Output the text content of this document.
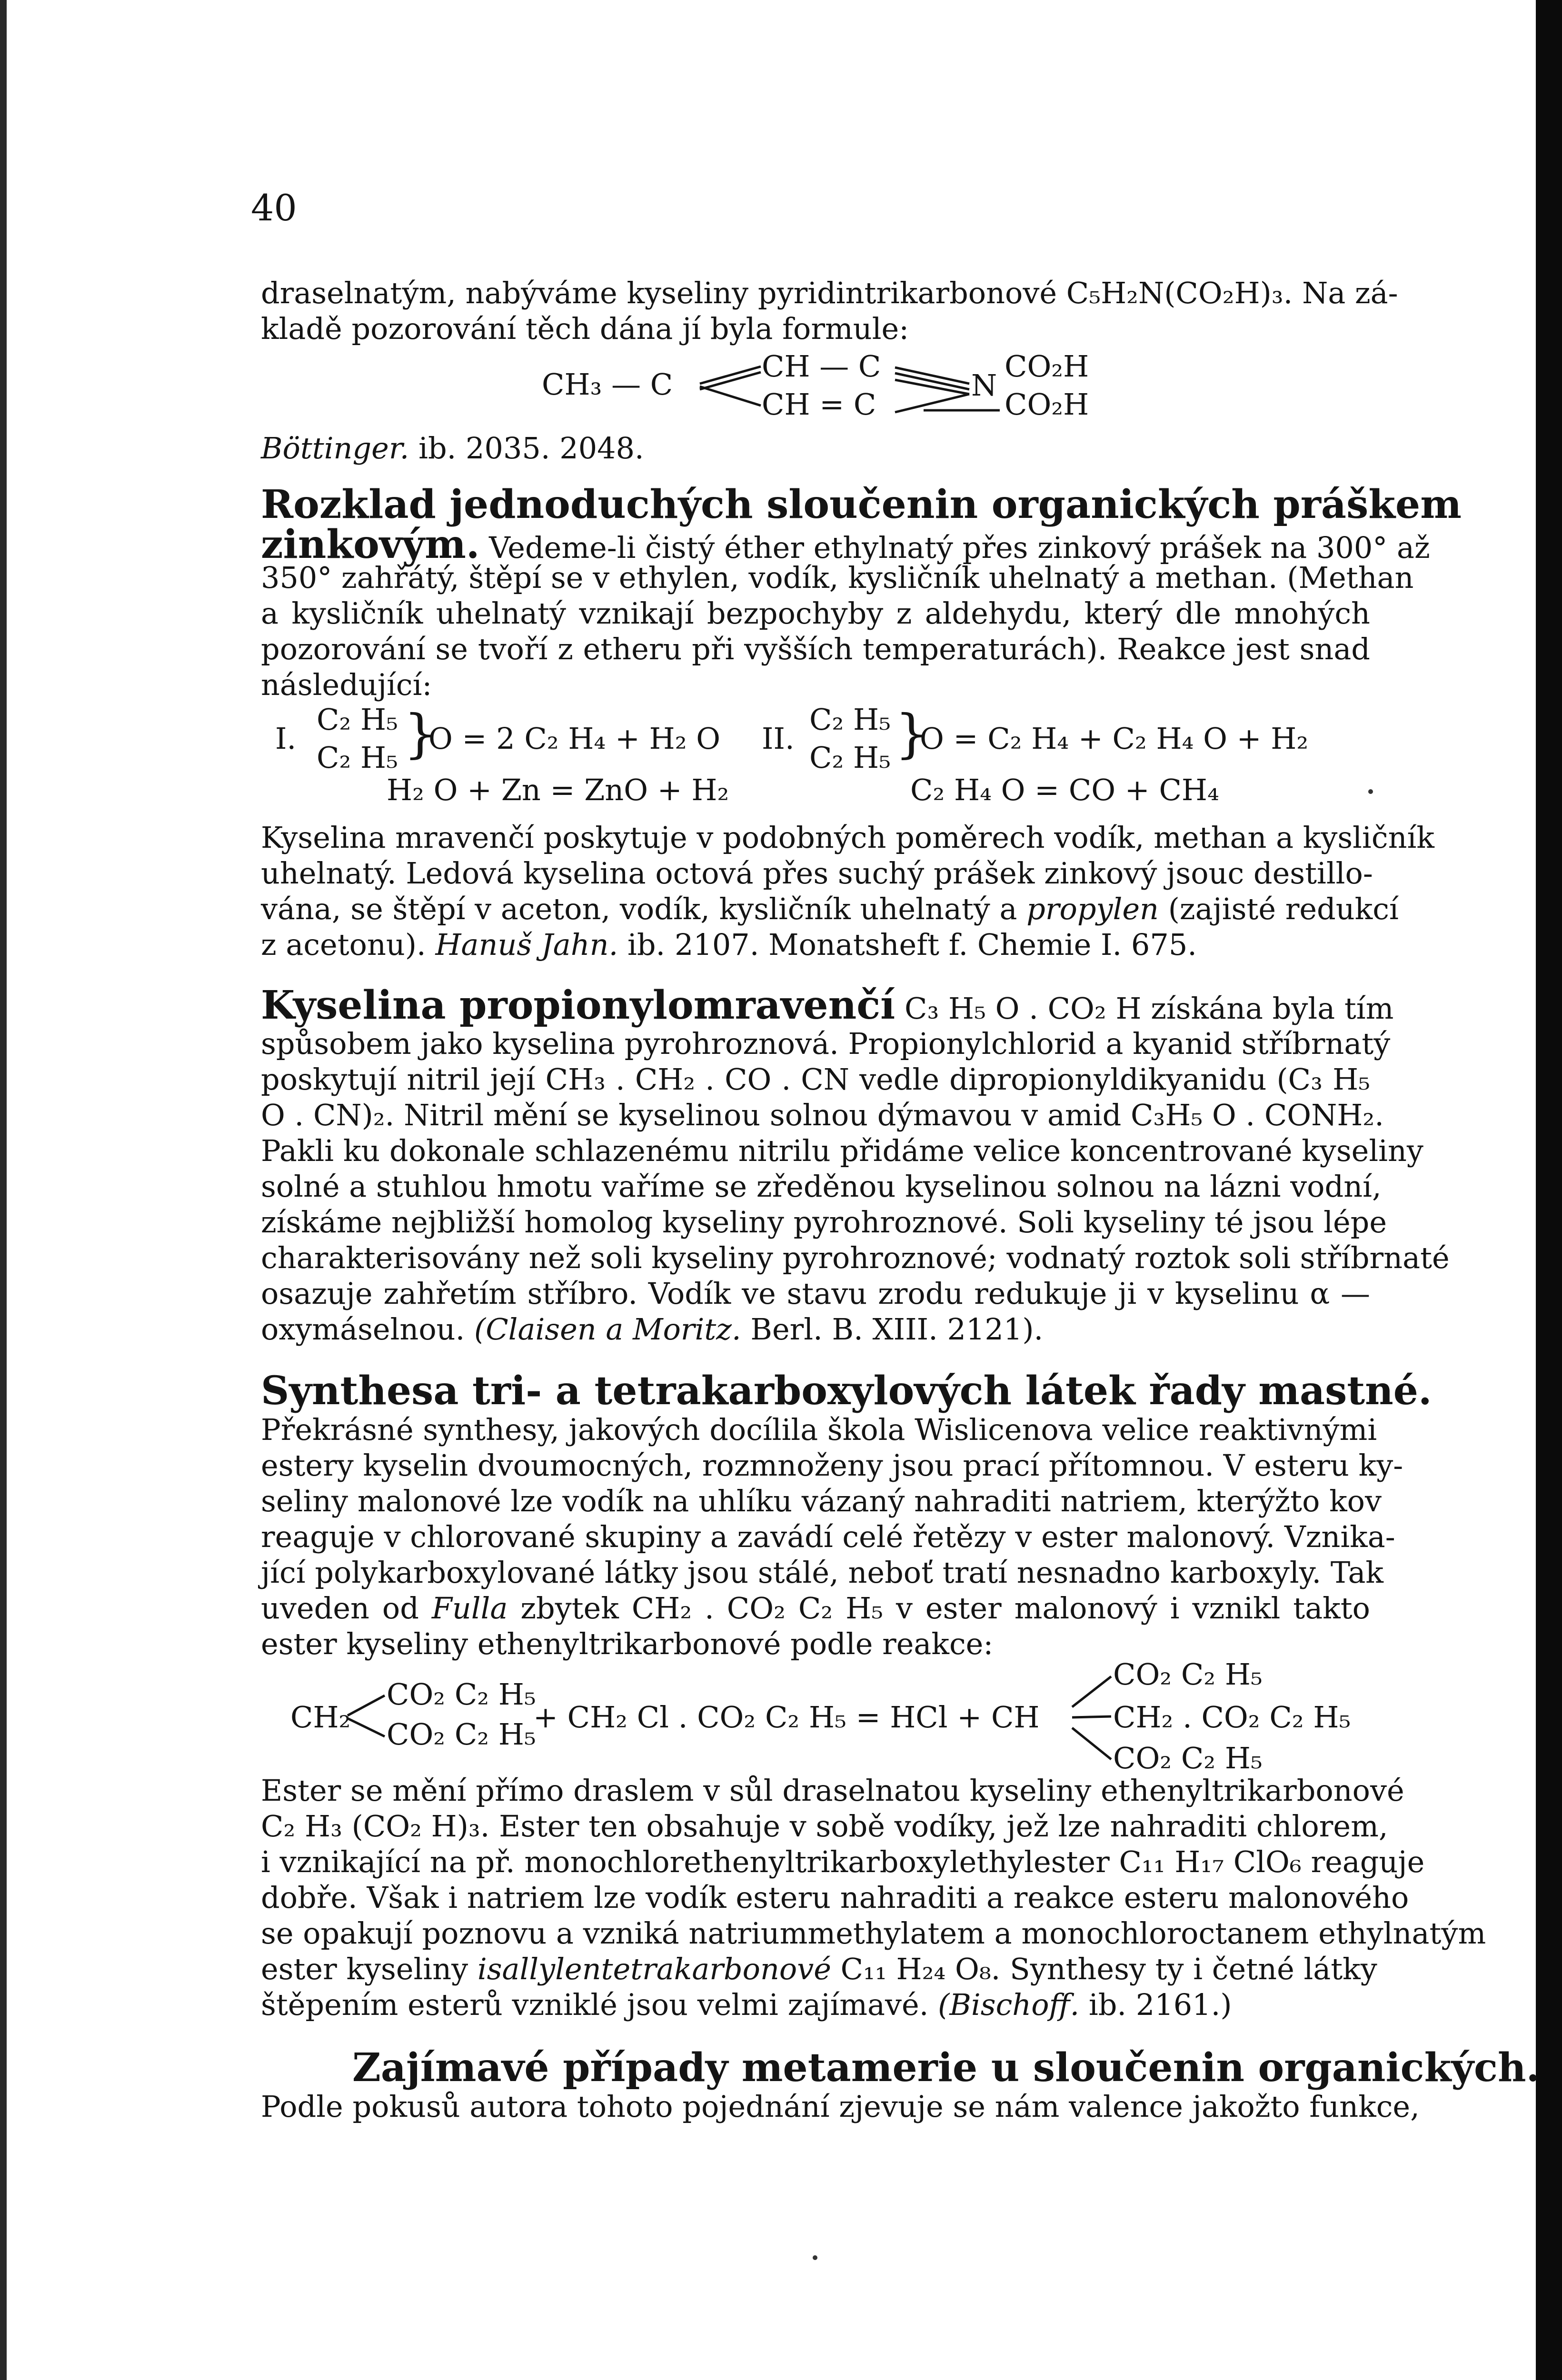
40
draselnatým, nabýváme kyseliny pyridintrikarbonové C₅H₂N(CO₂H)₃. Na zá-
kladě pozorování těch dána jí byla formule:
CH₃ — C
CH — C
CH = C
N
CO₂H
CO₂H
Böttinger. ib. 2035. 2048.
Rozklad jednoduchých sloučenin organických práškem
zinkovým. Vedeme-li čistý éther ethylnatý přes zinkový prášek na 300° až
350° zahřátý, štěpí se v ethylen, vodík, kysličník uhelnatý a methan. (Methan
a kysličník uhelnatý vznikají bezpochyby z aldehydu, který dle mnohých
pozorování se tvoří z etheru při vyšších temperaturách). Reakce jest snad
následující:
I.
C₂ H₅
C₂ H₅ }
O = 2 C₂ H₄ + H₂ O II.
C₂ H₅
C₂ H₅ }
O = C₂ H₄ + C₂ H₄ O + H₂
H₂ O + Zn = ZnO + H₂	C₂ H₄ O = CO + CH₄
Kyselina mravenčí poskytuje v podobných poměrech vodík, methan a kysličník
uhelnatý. Ledová kyselina octová přes suchý prášek zinkový jsouc destillo-
vána, se štěpí v aceton, vodík, kysličník uhelnatý a propylen (zajisté redukcí
z acetonu). Hanuš Jahn. ib. 2107. Monatsheft f. Chemie I. 675.
Kyselina propionylomravenčí C₃ H₅ O . CO₂ H získána byla tím
spůsobem jako kyselina pyrohroznová. Propionylchlorid a kyanid stříbrnatý
poskytují nitril její CH₃ . CH₂ . CO . CN vedle dipropionyldikyanidu (C₃ H₅
O . CN)₂. Nitril mění se kyselinou solnou dýmavou v amid C₃H₅ O . CONH₂.
Pakli ku dokonale schlazenému nitrilu přidáme velice koncentrované kyseliny
solné a stuhlou hmotu vaříme se zředěnou kyselinou solnou na lázni vodní,
získáme nejbližší homolog kyseliny pyrohroznové. Soli kyseliny té jsou lépe
charakterisovány než soli kyseliny pyrohroznové; vodnatý roztok soli stříbrnaté
osazuje zahřetím stříbro. Vodík ve stavu zrodu redukuje ji v kyselinu α —
oxymáselnou. (Claisen a Moritz. Berl. B. XIII. 2121).
Synthesa tri- a tetrakarboxylových látek řady mastné.
Překrásné synthesy, jakových docílila škola Wislicenova velice reaktivnými
estery kyselin dvoumocných, rozmnoženy jsou prací přítomnou. V esteru ky-
seliny malonové lze vodík na uhlíku vázaný nahraditi natriem, kterýžto kov
reaguje v chlorované skupiny a zavádí celé řetězy v ester malonový. Vznika-
jící polykarboxylované látky jsou stálé, neboť tratí nesnadno karboxyly. Tak
uveden od Fulla zbytek CH₂ . CO₂ C₂ H₅ v ester malonový i vznikl takto
ester kyseliny ethenyltrikarbonové podle reakce:
CH₂
CO₂ C₂ H₅
CO₂ C₂ H₅
+ CH₂ Cl . CO₂ C₂ H₅ = HCl + CH
CO₂ C₂ H₅
CH₂ . CO₂ C₂ H₅
CO₂ C₂ H₅
Ester se mění přímo draslem v sůl draselnatou kyseliny ethenyltrikarbonové
C₂ H₃ (CO₂ H)₃. Ester ten obsahuje v sobě vodíky, jež lze nahraditi chlorem,
i vznikající na př. monochlorethenyltrikarboxylethylester C₁₁ H₁₇ ClO₆ reaguje
dobře. Však i natriem lze vodík esteru nahraditi a reakce esteru malonového
se opakují poznovu a vzniká natriummethylatem a monochloroctanem ethylnatým
ester kyseliny isallylentetrakarbonové C₁₁ H₂₄ O₈. Synthesy ty i četné látky
štěpením esterů vzniklé jsou velmi zajímavé. (Bischoff. ib. 2161.)
Zajímavé případy metamerie u sloučenin organických.
Podle pokusů autora tohoto pojednání zjevuje se nám valence jakožto funkce,
